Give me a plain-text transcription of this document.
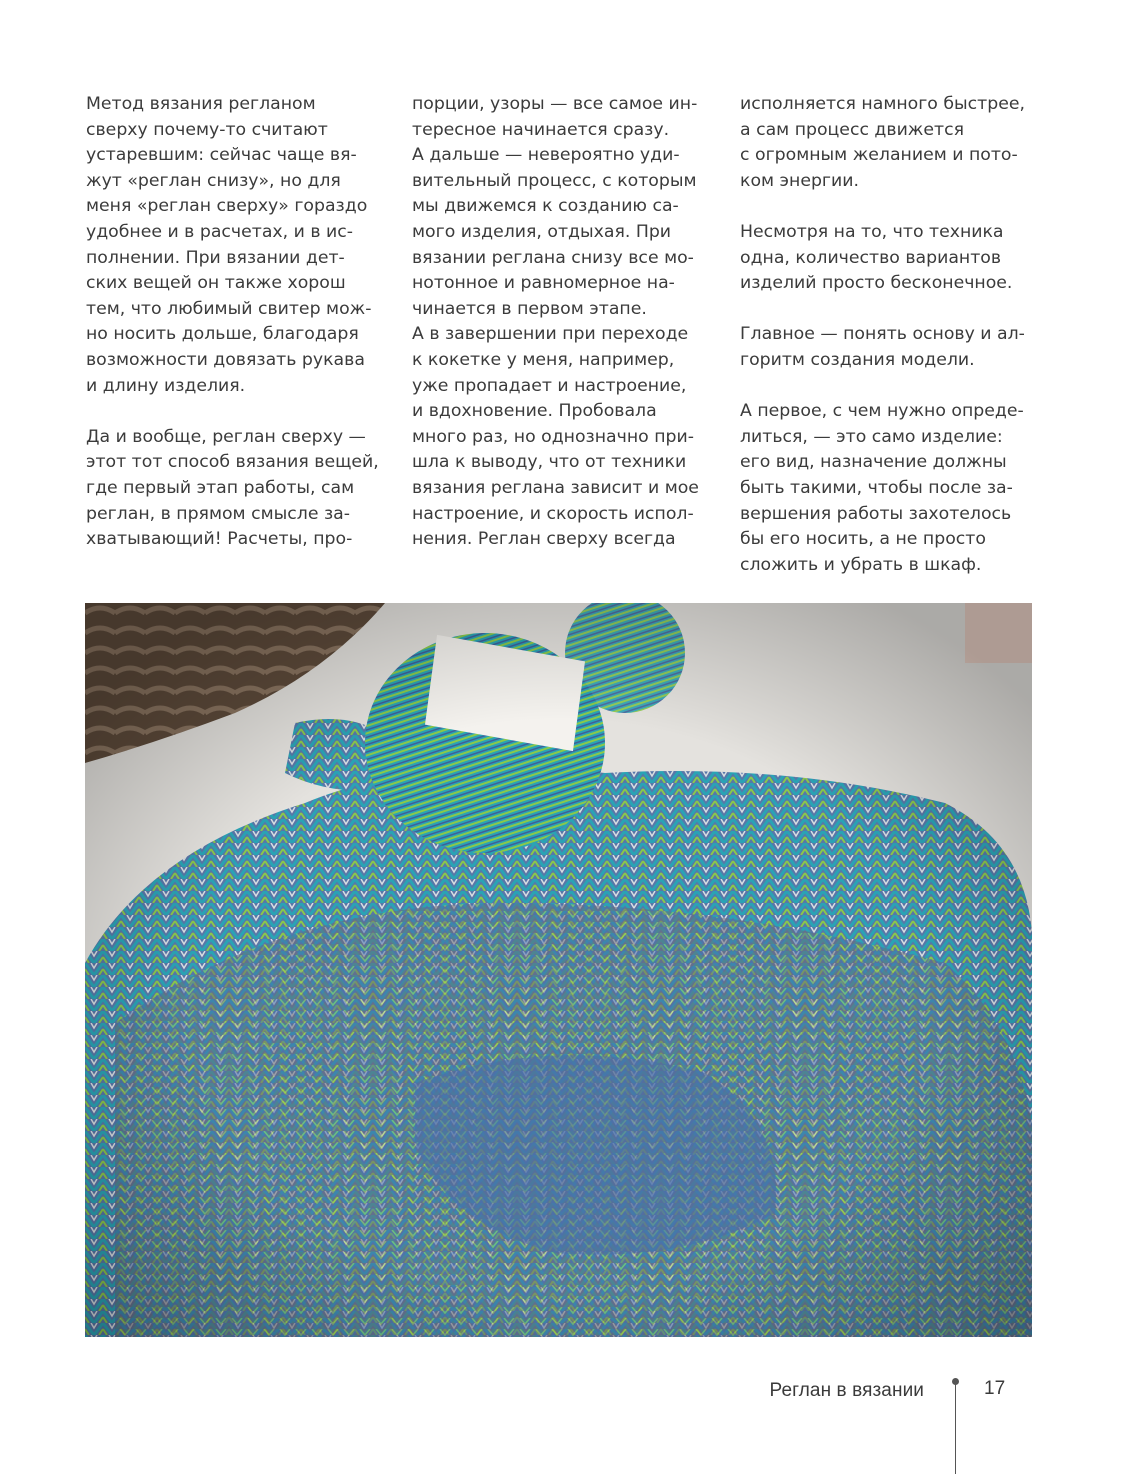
Метод вязания регланом
сверху почему-то считают
устаревшим: сейчас чаще вя-
жут «реглан снизу», но для
меня «реглан сверху» гораздо
удобнее и в расчетах, и в ис-
полнении. При вязании дет-
ских вещей он также хорош
тем, что любимый свитер мож-
но носить дольше, благодаря
возможности довязать рукава
и длину изделия.

Да и вообще, реглан сверху —
этот тот способ вязания вещей,
где первый этап работы, сам
реглан, в прямом смысле за-
хватывающий! Расчеты, про-

порции, узоры — все самое ин-
тересное начинается сразу.
А дальше — невероятно уди-
вительный процесс, с которым
мы движемся к созданию са-
мого изделия, отдыхая. При
вязании реглана снизу все мо-
нотонное и равномерное на-
чинается в первом этапе.
А в завершении при переходе
к кокетке у меня, например,
уже пропадает и настроение,
и вдохновение. Пробовала
много раз, но однозначно при-
шла к выводу, что от техники
вязания реглана зависит и мое
настроение, и скорость испол-
нения. Реглан сверху всегда

исполняется намного быстрее,
а сам процесс движется
с огромным желанием и пото-
ком энергии.

Несмотря на то, что техника
одна, количество вариантов
изделий просто бесконечное.

Главное — понять основу и ал-
горитм создания модели.

А первое, с чем нужно опреде-
литься, — это само изделие:
его вид, назначение должны
быть такими, чтобы после за-
вершения работы захотелось
бы его носить, а не просто
сложить и убрать в шкаф.

Реглан в вязании	17
